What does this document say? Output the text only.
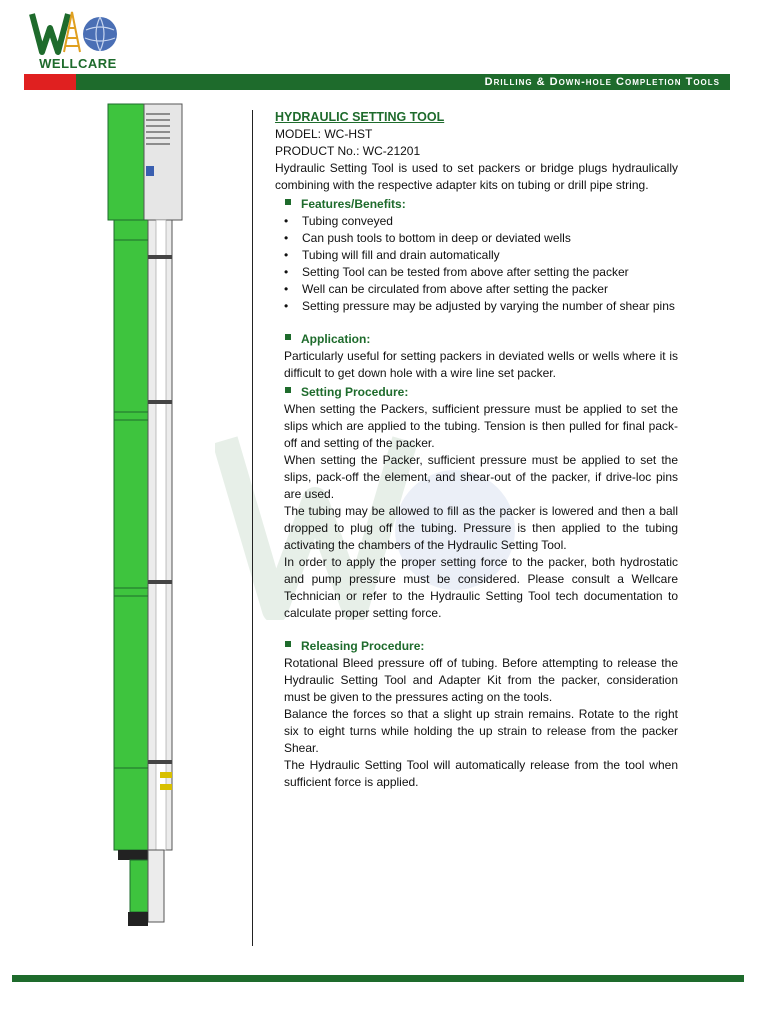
WELLCARE
Drilling & Down-hole Completion Tools
HYDRAULIC SETTING TOOL

MODEL: WC-HST

PRODUCT No.: WC-21201

Hydraulic Setting Tool is used to set packers or bridge plugs hydraulically combining with the respective adapter kits on tubing or drill pipe string.

Features/Benefits:
• Tubing conveyed
• Can push tools to bottom in deep or deviated wells
• Tubing will fill and drain automatically
• Setting Tool can be tested from above after setting the packer
• Well can be circulated from above after setting the packer
• Setting pressure may be adjusted by varying the number of shear pins
Application:

Particularly useful for setting packers in deviated wells or wells where it is difficult to get down hole with a wire line set packer.

Setting Procedure:

When setting the Packers, sufficient pressure must be applied to set the slips which are applied to the tubing. Tension is then pulled for final pack-off and setting of the packer.

When setting the Packer, sufficient pressure must be applied to set the slips, pack-off the element, and shear-out of the packer, if drive-loc pins are used.

The tubing may be allowed to fill as the packer is lowered and then a ball dropped to plug off the tubing. Pressure is then applied to the tubing activating the chambers of the Hydraulic Setting Tool.

In order to apply the proper setting force to the packer, both hydrostatic and pump pressure must be considered. Please consult a Wellcare Technician or refer to the Hydraulic Setting Tool tech documentation to calculate proper setting force.

Releasing Procedure:

Rotational Bleed pressure off of tubing. Before attempting to release the Hydraulic Setting Tool and Adapter Kit from the packer, consideration must be given to the pressures acting on the tools.

Balance the forces so that a slight up strain remains. Rotate to the right six to eight turns while holding the up strain to release from the packer Shear.

The Hydraulic Setting Tool will automatically release from the tool when sufficient force is applied.
